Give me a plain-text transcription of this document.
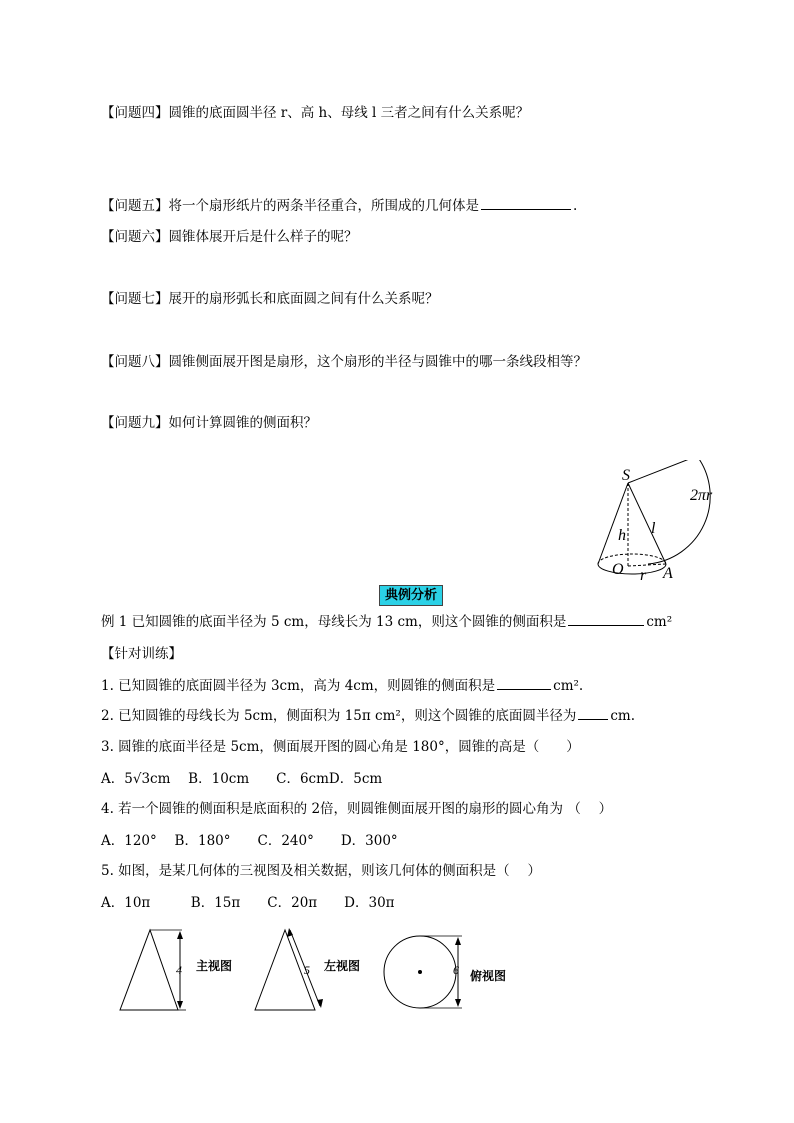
【问题四】圆锥的底面圆半径 r、高 h、母线 l 三者之间有什么关系呢？
【问题五】将一个扇形纸片的两条半径重合，所围成的几何体是	.
【问题六】圆锥体展开后是什么样子的呢？
【问题七】展开的扇形弧长和底面圆之间有什么关系呢？
【问题八】圆锥侧面展开图是扇形，这个扇形的半径与圆锥中的哪一条线段相等？
【问题九】如何计算圆锥的侧面积？
S
2πr
h l
O r A
典例分析
例 1 已知圆锥的底面半径为 5 cm，母线长为 13 cm，则这个圆锥的侧面积是	cm²
【针对训练】
1. 已知圆锥的底面圆半径为 3cm，高为 4cm，则圆锥的侧面积是	cm².
2. 已知圆锥的母线长为 5cm，侧面积为 15π cm²，则这个圆锥的底面圆半径为	cm.
3. 圆锥的底面半径是 5cm，侧面展开图的圆心角是 180°，圆锥的高是（　　）
A．5√3cm　 B．10cm　　C．6cmD．5cm
4. 若一个圆锥的侧面积是底面积的 2倍，则圆锥侧面展开图的扇形的圆心角为 （　 ）
A．120°　 B．180°　　C．240°　　D．300°
5. 如图，是某几何体的三视图及相关数据，则该几何体的侧面积是（　 ）
A．10π　　　B．15π　　C．20π　　D．30π
4 主视图	5 左视图	6 俯视图
